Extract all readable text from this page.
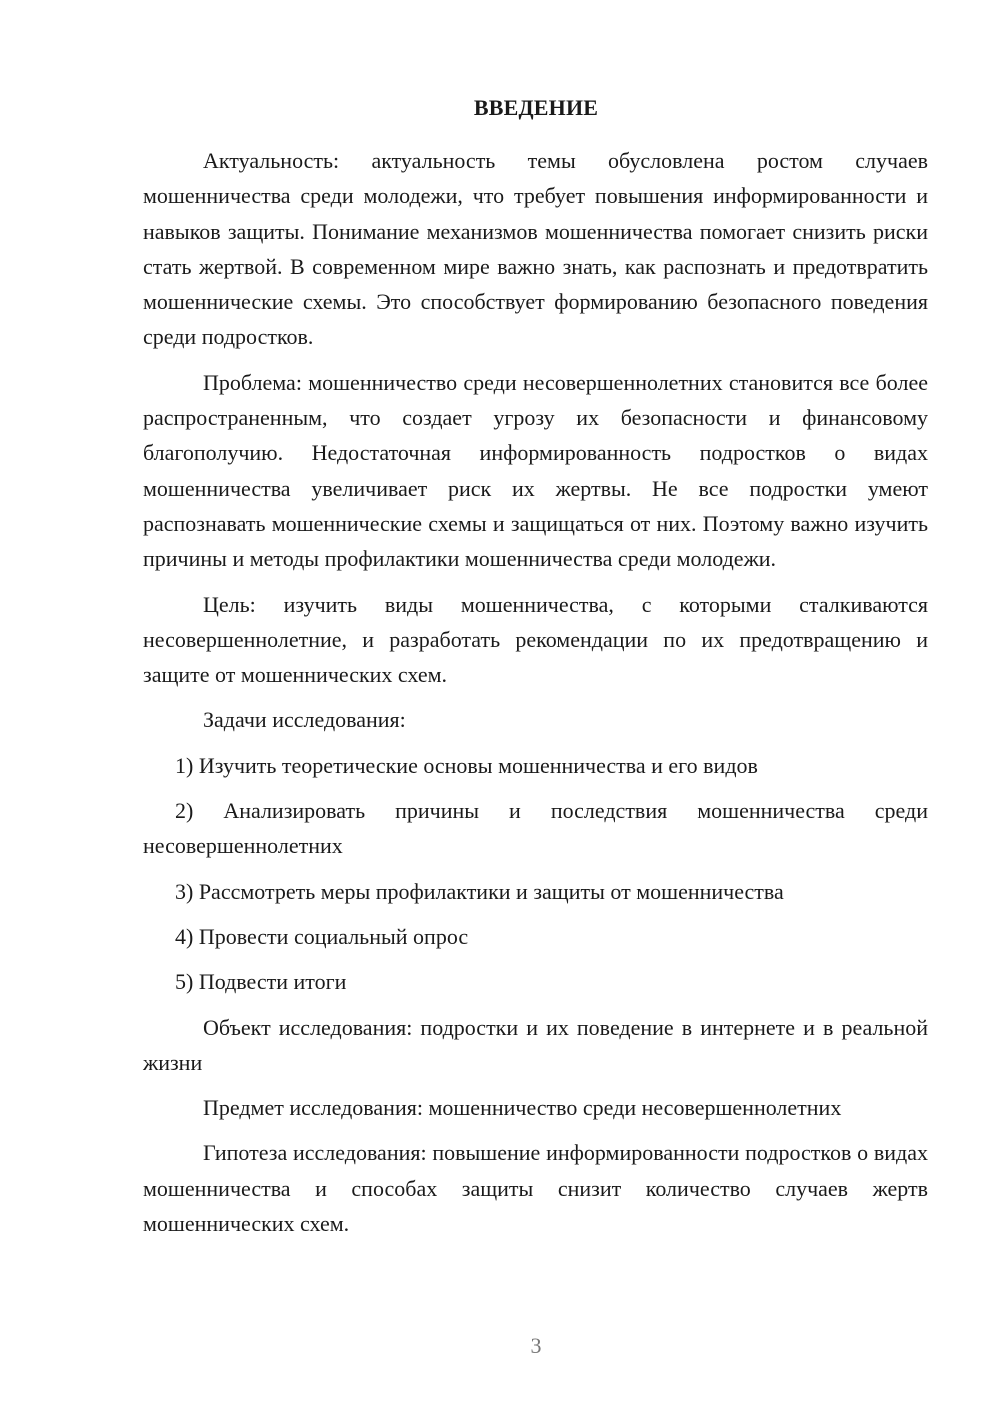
ВВЕДЕНИЕ

Актуальность: актуальность темы обусловлена ростом случаев мошенничества среди молодежи, что требует повышения информированности и навыков защиты. Понимание механизмов мошенничества помогает снизить риски стать жертвой. В современном мире важно знать, как распознать и предотвратить мошеннические схемы. Это способствует формированию безопасного поведения среди подростков.

Проблема: мошенничество среди несовершеннолетних становится все более распространенным, что создает угрозу их безопасности и финансовому благополучию. Недостаточная информированность подростков о видах мошенничества увеличивает риск их жертвы. Не все подростки умеют распознавать мошеннические схемы и защищаться от них. Поэтому важно изучить причины и методы профилактики мошенничества среди молодежи.

Цель: изучить виды мошенничества, с которыми сталкиваются несовершеннолетние, и разработать рекомендации по их предотвращению и защите от мошеннических схем.

Задачи исследования:

1) Изучить теоретические основы мошенничества и его видов

2) Анализировать причины и последствия мошенничества среди несовершеннолетних

3) Рассмотреть меры профилактики и защиты от мошенничества

4) Провести социальный опрос

5) Подвести итоги

Объект исследования: подростки и их поведение в интернете и в реальной жизни

Предмет исследования: мошенничество среди несовершеннолетних

Гипотеза исследования: повышение информированности подростков о видах мошенничества и способах защиты снизит количество случаев жертв мошеннических схем.

3
